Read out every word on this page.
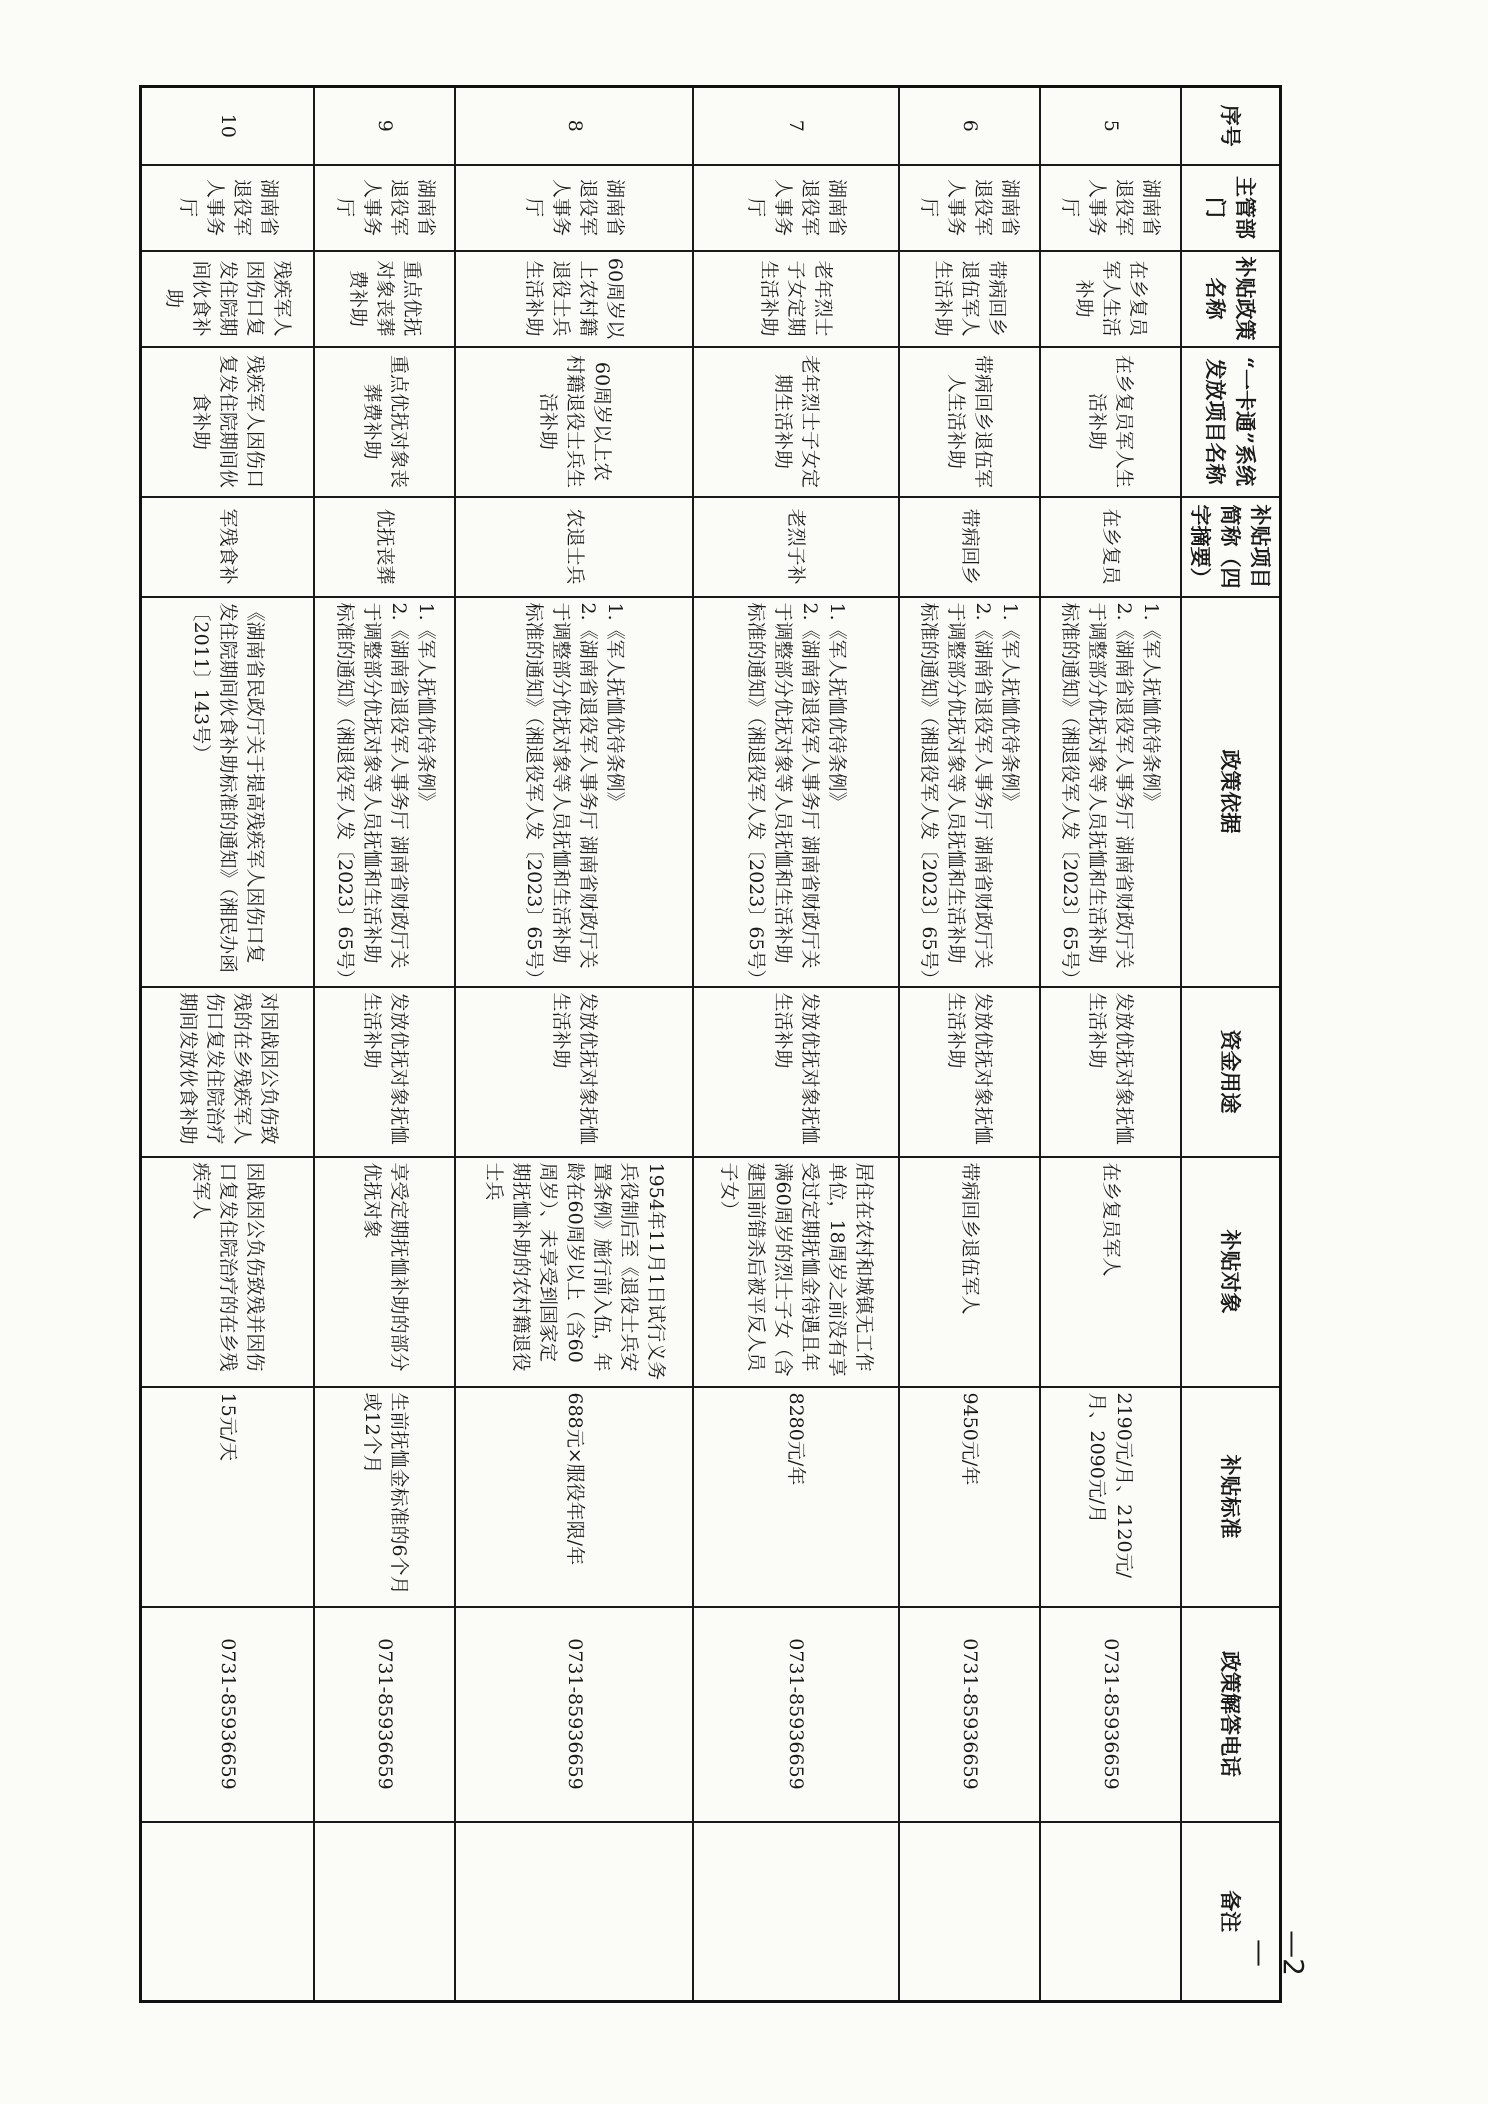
序号	主管部门	补贴政策名称	“一卡通”系统发放项目名称	补贴项目简称（四字摘要）	政策依据	资金用途	补贴对象	补贴标准	政策解答电话	备注
5	湖南省退役军人事务厅	在乡复员军人生活补助	在乡复员军人生活补助	在乡复员	1.《军人抚恤优待条例》
2.《湖南省退役军人事务厅 湖南省财政厅关于调整部分优抚对象等人员抚恤和生活补助标准的通知》（湘退役军人发〔2023〕65号）	发放优抚对象抚恤生活补助	在乡复员军人	2190元/月、2120元/月、2090元/月	0731-85936659	
6	湖南省退役军人事务厅	带病回乡退伍军人生活补助	带病回乡退伍军人生活补助	带病回乡	1.《军人抚恤优待条例》
2.《湖南省退役军人事务厅 湖南省财政厅关于调整部分优抚对象等人员抚恤和生活补助标准的通知》（湘退役军人发〔2023〕65号）	发放优抚对象抚恤生活补助	带病回乡退伍军人	9450元/年	0731-85936659	
7	湖南省退役军人事务厅	老年烈士子女定期生活补助	老年烈士子女定期生活补助	老烈子补	1.《军人抚恤优待条例》
2.《湖南省退役军人事务厅 湖南省财政厅关于调整部分优抚对象等人员抚恤和生活补助标准的通知》（湘退役军人发〔2023〕65号）	发放优抚对象抚恤生活补助	居住在农村和城镇无工作单位，18周岁之前没有享受过定期抚恤金待遇且年满60周岁的烈士子女（含建国前错杀后被平反人员子女）	8280元/年	0731-85936659	
8	湖南省退役军人事务厅	60周岁以上农村籍退役士兵生活补助	60周岁以上农村籍退役士兵生活补助	农退士兵	1.《军人抚恤优待条例》
2.《湖南省退役军人事务厅 湖南省财政厅关于调整部分优抚对象等人员抚恤和生活补助标准的通知》（湘退役军人发〔2023〕65号）	发放优抚对象抚恤生活补助	1954年11月1日试行义务兵役制后至《退役士兵安置条例》施行前入伍，年龄在60周岁以上（含60周岁）、未享受到国家定期抚恤补助的农村籍退役士兵	688元×服役年限/年	0731-85936659	
9	湖南省退役军人事务厅	重点优抚对象丧葬费补助	重点优抚对象丧葬费补助	优抚丧葬	1.《军人抚恤优待条例》
2.《湖南省退役军人事务厅 湖南省财政厅关于调整部分优抚对象等人员抚恤和生活补助标准的通知》（湘退役军人发〔2023〕65号）	发放优抚对象抚恤生活补助	享受定期抚恤补助的部分优抚对象	生前抚恤金标准的6个月或12个月	0731-85936659	
10	湖南省退役军人事务厅	残疾军人因伤口复发住院期间伙食补助	残疾军人因伤口复发住院期间伙食补助	军残食补	《湖南省民政厅关于提高残疾军人因伤口复发住院期间伙食补助标准的通知》（湘民办函〔2011〕143号）	对因战因公负伤致残的在乡残疾军人伤口复发住院治疗期间发放伙食补助	因战因公负伤致残并因伤口复发住院治疗的在乡残疾军人	15元/天	0731-85936659	
—2—
